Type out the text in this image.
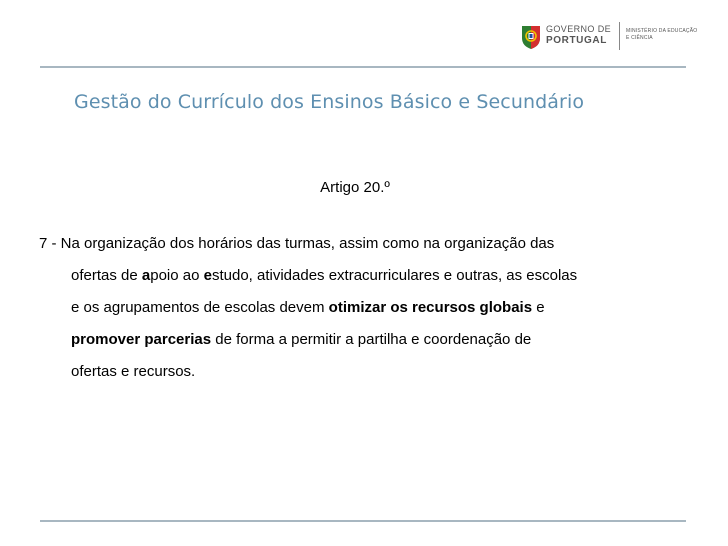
GOVERNO DE
PORTUGAL
MINISTÉRIO DA EDUCAÇÃO
E CIÊNCIA
Gestão do Currículo dos Ensinos Básico e Secundário
Artigo 20.º
7 - Na organização dos horários das turmas, assim como na organização das
ofertas de apoio ao estudo, atividades extracurriculares e outras, as escolas
e os agrupamentos de escolas devem otimizar os recursos globais e
promover parcerias de forma a permitir a partilha e coordenação de
ofertas e recursos.
